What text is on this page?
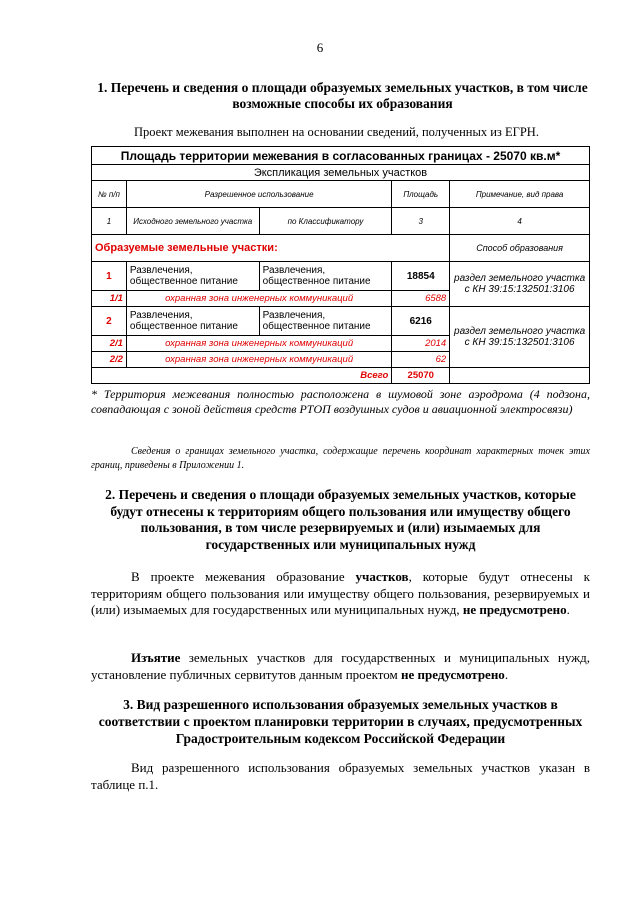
6
1. Перечень и сведения о площади образуемых земельных участков, в том числе возможные способы их образования
Проект межевания выполнен на основании сведений, полученных из ЕГРН.
Площадь территории межевания в согласованных границах - 25070 кв.м*				
Экспликация земельных участков				
№ п/п	Разрешенное использование		Площадь	Примечание, вид права
1	Исходного земельного участка	по Классификатору	3	4
Образуемые земельные участки:				Способ образования
1	Развлечения, общественное питание	Развлечения, общественное питание	18854	раздел земельного участка с КН 39:15:132501:3106
1/1	охранная зона инженерных коммуникаций		6588	
2	Развлечения, общественное питание	Развлечения, общественное питание	6216	раздел земельного участка с КН 39:15:132501:3106
2/1	охранная зона инженерных коммуникаций		2014	
2/2	охранная зона инженерных коммуникаций		62	
Всего			25070	
* Территория межевания полностью расположена в шумовой зоне аэродрома (4 подзона, совпадающая с зоной действия средств РТОП воздушных судов и авиационной электросвязи)
Сведения о границах земельного участка, содержащие перечень координат характерных точек этих границ, приведены в Приложении 1.
2. Перечень и сведения о площади образуемых земельных участков, которые будут отнесены к территориям общего пользования или имуществу общего пользования, в том числе резервируемых и (или) изымаемых для государственных или муниципальных нужд
В проекте межевания образование участков, которые будут отнесены к территориям общего пользования или имуществу общего пользования, резервируемых и (или) изымаемых для государственных или муниципальных нужд, не предусмотрено.
Изъятие земельных участков для государственных и муниципальных нужд, установление публичных сервитутов данным проектом не предусмотрено.
3. Вид разрешенного использования образуемых земельных участков в соответствии с проектом планировки территории в случаях, предусмотренных Градостроительным кодексом Российской Федерации
Вид разрешенного использования образуемых земельных участков указан в таблице п.1.
